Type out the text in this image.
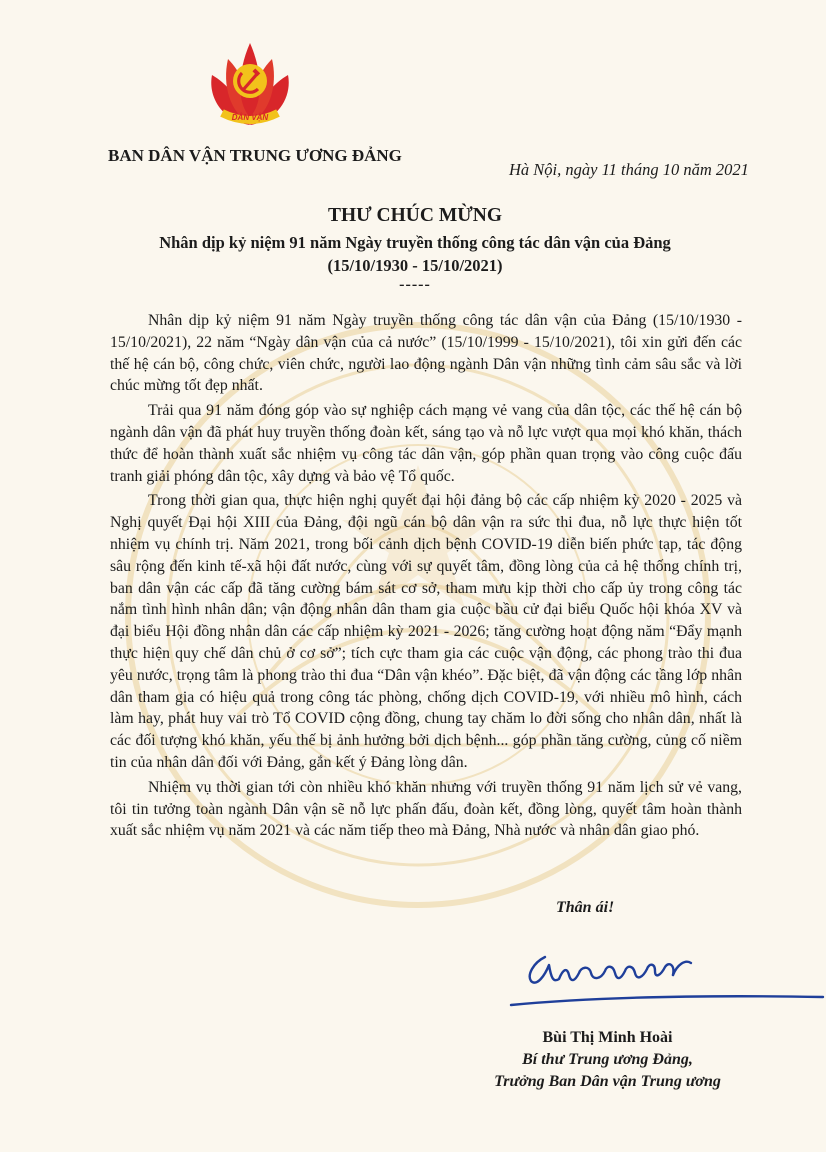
DÂN VẬN
BAN DÂN VẬN TRUNG ƯƠNG ĐẢNG
Hà Nội, ngày 11 tháng 10 năm 2021
THƯ CHÚC MỪNG
Nhân dịp kỷ niệm 91 năm Ngày truyền thống công tác dân vận của Đảng
(15/10/1930 - 15/10/2021)
-----

Nhân dịp kỷ niệm 91 năm Ngày truyền thống công tác dân vận của Đảng (15/10/1930 - 15/10/2021), 22 năm “Ngày dân vận của cả nước” (15/10/1999 - 15/10/2021), tôi xin gửi đến các thế hệ cán bộ, công chức, viên chức, người lao động ngành Dân vận những tình cảm sâu sắc và lời chúc mừng tốt đẹp nhất.

Trải qua 91 năm đóng góp vào sự nghiệp cách mạng vẻ vang của dân tộc, các thế hệ cán bộ ngành dân vận đã phát huy truyền thống đoàn kết, sáng tạo và nỗ lực vượt qua mọi khó khăn, thách thức để hoàn thành xuất sắc nhiệm vụ công tác dân vận, góp phần quan trọng vào công cuộc đấu tranh giải phóng dân tộc, xây dựng và bảo vệ Tổ quốc.

Trong thời gian qua, thực hiện nghị quyết đại hội đảng bộ các cấp nhiệm kỳ 2020 - 2025 và Nghị quyết Đại hội XIII của Đảng, đội ngũ cán bộ dân vận ra sức thi đua, nỗ lực thực hiện tốt nhiệm vụ chính trị. Năm 2021, trong bối cảnh dịch bệnh COVID-19 diễn biến phức tạp, tác động sâu rộng đến kinh tế-xã hội đất nước, cùng với sự quyết tâm, đồng lòng của cả hệ thống chính trị, ban dân vận các cấp đã tăng cường bám sát cơ sở, tham mưu kịp thời cho cấp ủy trong công tác nắm tình hình nhân dân; vận động nhân dân tham gia cuộc bầu cử đại biểu Quốc hội khóa XV và đại biểu Hội đồng nhân dân các cấp nhiệm kỳ 2021 - 2026; tăng cường hoạt động năm “Đẩy mạnh thực hiện quy chế dân chủ ở cơ sở”; tích cực tham gia các cuộc vận động, các phong trào thi đua yêu nước, trọng tâm là phong trào thi đua “Dân vận khéo”. Đặc biệt, đã vận động các tầng lớp nhân dân tham gia có hiệu quả trong công tác phòng, chống dịch COVID-19, với nhiều mô hình, cách làm hay, phát huy vai trò Tổ COVID cộng đồng, chung tay chăm lo đời sống cho nhân dân, nhất là các đối tượng khó khăn, yếu thế bị ảnh hưởng bởi dịch bệnh... góp phần tăng cường, củng cố niềm tin của nhân dân đối với Đảng, gắn kết ý Đảng lòng dân.

Nhiệm vụ thời gian tới còn nhiều khó khăn nhưng với truyền thống 91 năm lịch sử vẻ vang, tôi tin tưởng toàn ngành Dân vận sẽ nỗ lực phấn đấu, đoàn kết, đồng lòng, quyết tâm hoàn thành xuất sắc nhiệm vụ năm 2021 và các năm tiếp theo mà Đảng, Nhà nước và nhân dân giao phó.

Thân ái!
Bùi Thị Minh Hoài
Bí thư Trung ương Đảng,
Trưởng Ban Dân vận Trung ương
